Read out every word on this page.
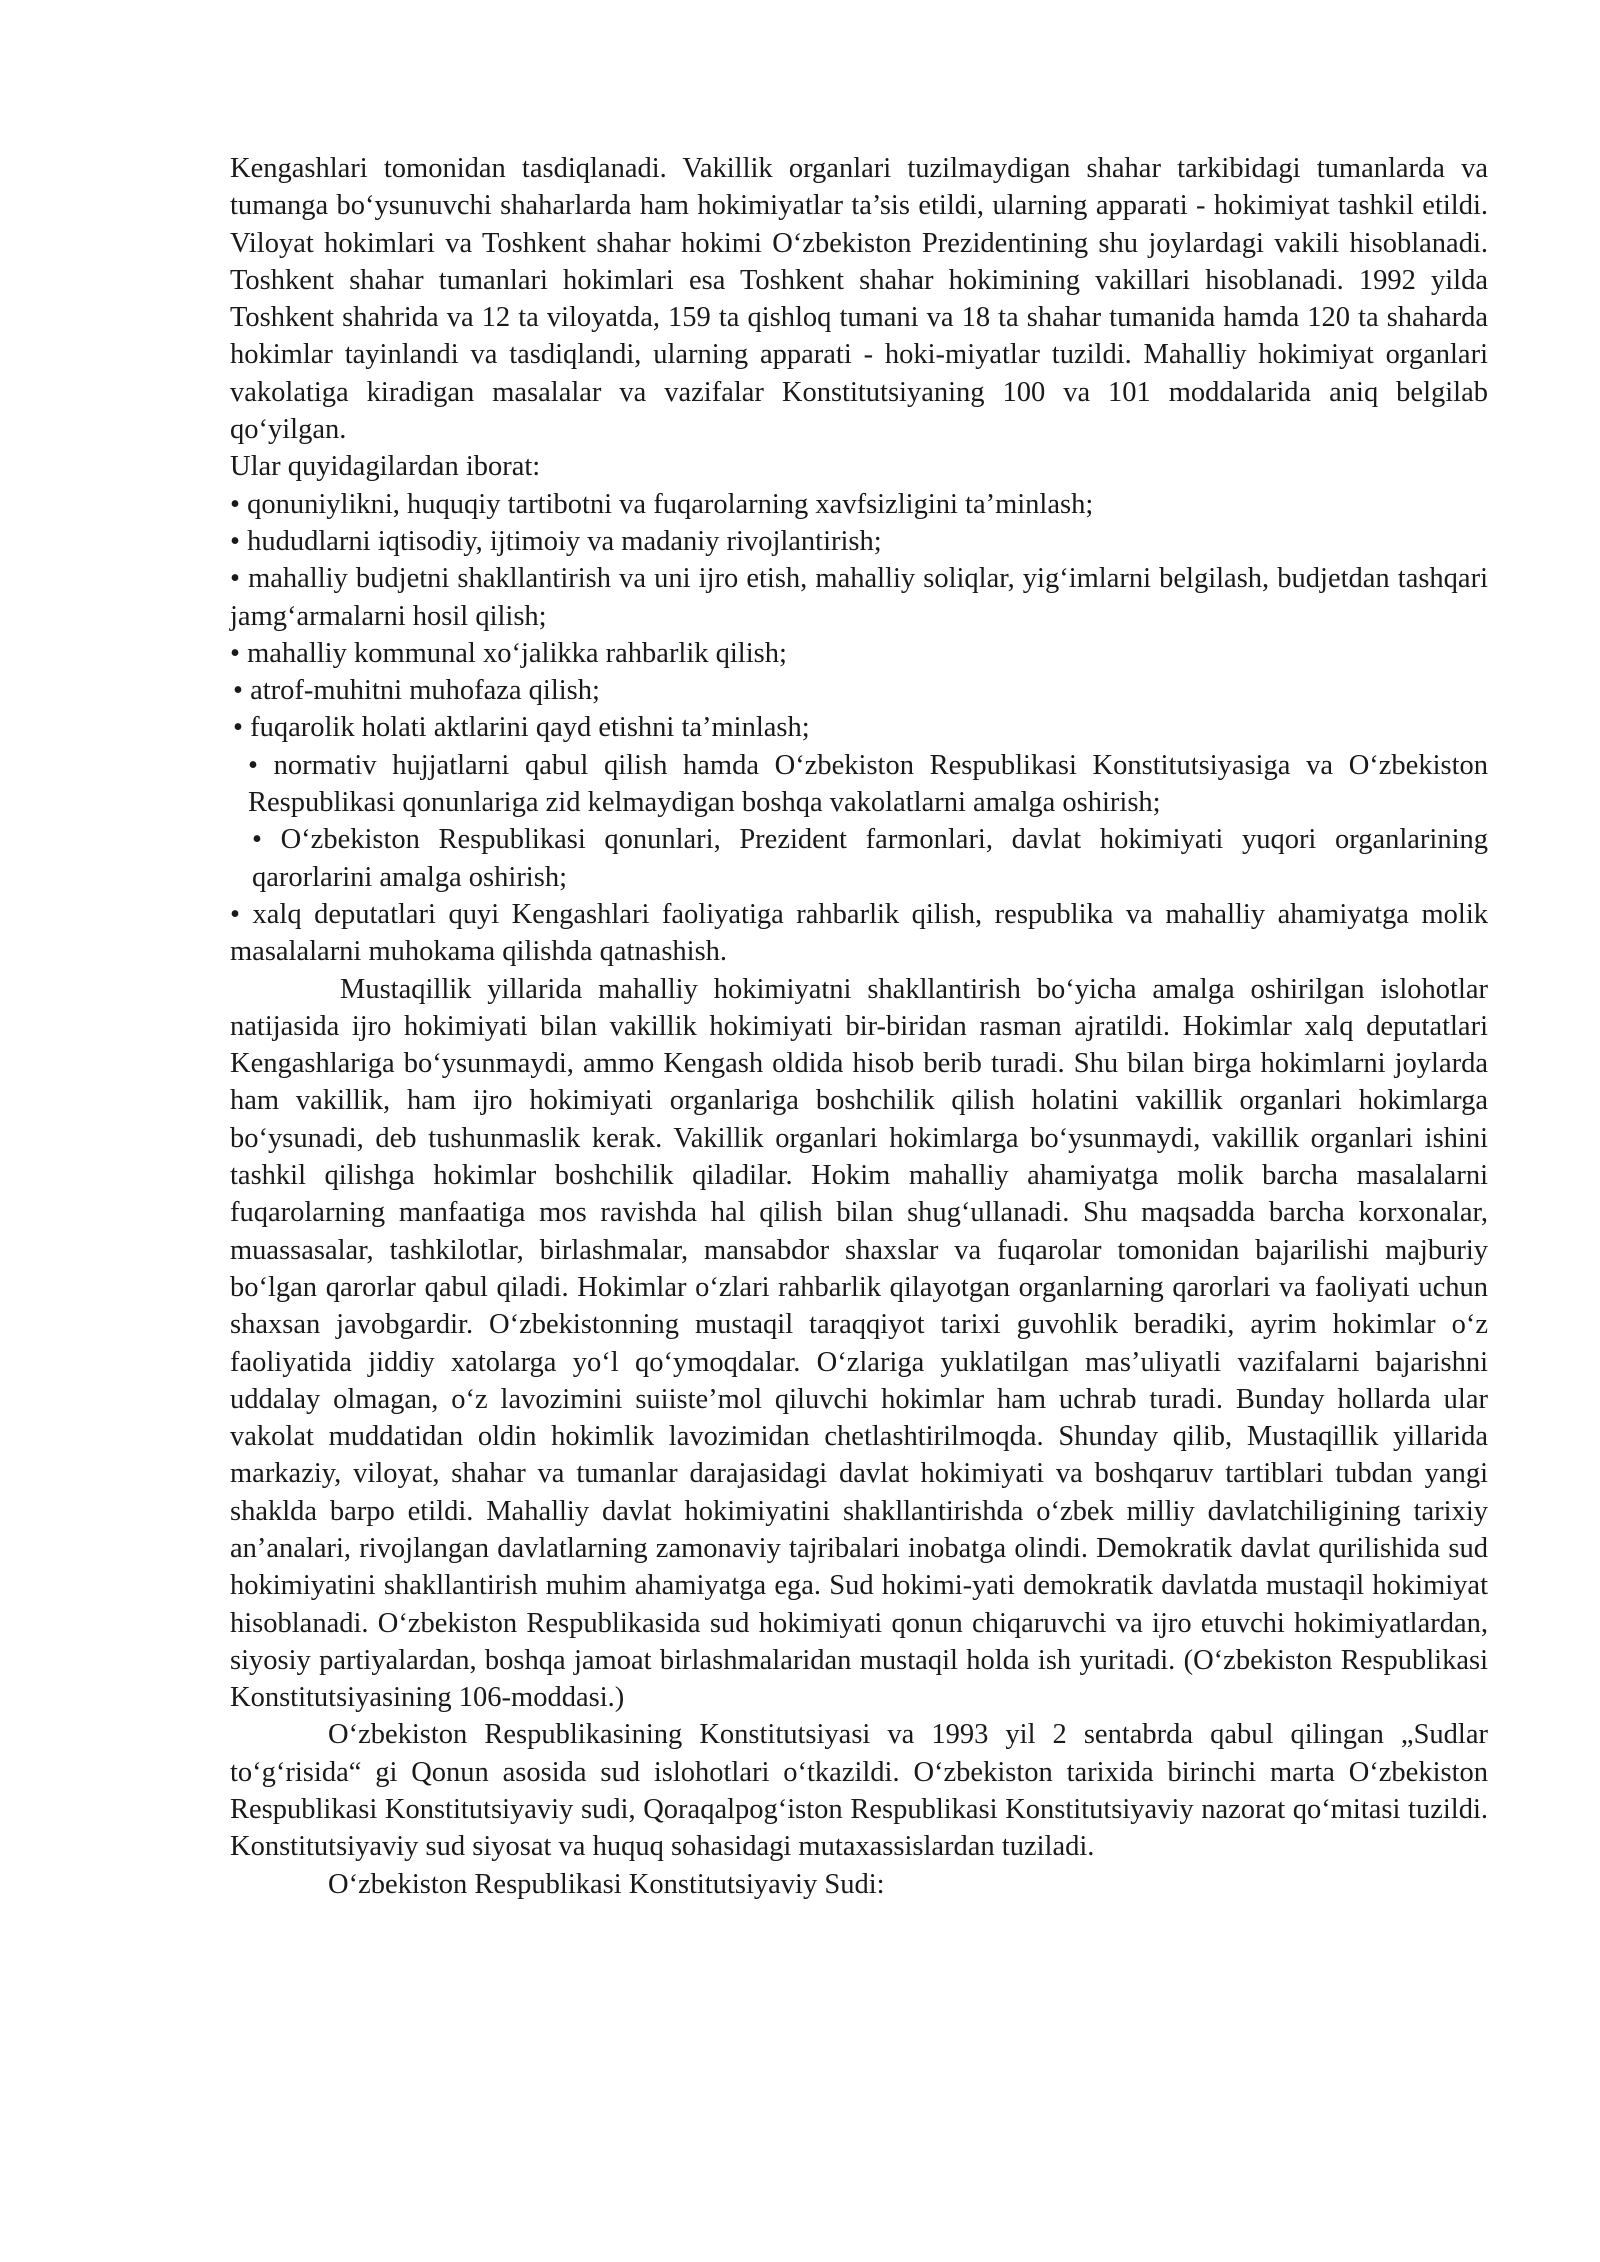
Kengashlari tomonidan tasdiqlanadi. Vakillik organlari tuzilmaydigan shahar tarkibidagi tumanlarda va tumanga bo‘ysunuvchi shaharlarda ham hokimiyatlar ta’sis etildi, ularning apparati - hokimiyat tashkil etildi. Viloyat hokimlari va Toshkent shahar hokimi O‘zbekiston Prezidentining shu joylardagi vakili hisoblanadi. Toshkent shahar tumanlari hokimlari esa Toshkent shahar hokimining vakillari hisoblanadi. 1992 yilda Toshkent shahrida va 12 ta viloyatda, 159 ta qishloq tumani va 18 ta shahar tumanida hamda 120 ta shaharda hokimlar tayinlandi va tasdiqlandi, ularning apparati - hoki-miyatlar tuzildi. Mahalliy hokimiyat organlari vakolatiga kiradigan masalalar va vazifalar Konstitutsiyaning 100 va 101 moddalarida aniq belgilab qo‘yilgan.

Ular quyidagilardan iborat:

• qonuniylikni, huquqiy tartibotni va fuqarolarning xavfsizligini ta’minlash;

• hududlarni iqtisodiy, ijtimoiy va madaniy rivojlantirish;

• mahalliy budjetni shakllantirish va uni ijro etish, mahalliy soliqlar, yig‘imlarni belgilash, budjetdan tashqari jamg‘armalarni hosil qilish;

• mahalliy kommunal xo‘jalikka rahbarlik qilish;

• atrof-muhitni muhofaza qilish;

• fuqarolik holati aktlarini qayd etishni ta’minlash;

• normativ hujjatlarni qabul qilish hamda O‘zbekiston Respublikasi Konstitutsiyasiga va O‘zbekiston Respublikasi qonunlariga zid kelmaydigan boshqa vakolatlarni amalga oshirish;

• O‘zbekiston Respublikasi qonunlari, Prezident farmonlari, davlat hokimiyati yuqori organlarining qarorlarini amalga oshirish;

• xalq deputatlari quyi Kengashlari faoliyatiga rahbarlik qilish, respublika va mahalliy ahamiyatga molik masalalarni muhokama qilishda qatnashish.

Mustaqillik yillarida mahalliy hokimiyatni shakllantirish bo‘yicha amalga oshirilgan islohotlar natijasida ijro hokimiyati bilan vakillik hokimiyati bir-biridan rasman ajratildi. Hokimlar xalq deputatlari Kengashlariga bo‘ysunmaydi, ammo Kengash oldida hisob berib turadi. Shu bilan birga hokimlarni joylarda ham vakillik, ham ijro hokimiyati organlariga boshchilik qilish holatini vakillik organlari hokimlarga bo‘ysunadi, deb tushunmaslik kerak. Vakillik organlari hokimlarga bo‘ysunmaydi, vakillik organlari ishini tashkil qilishga hokimlar boshchilik qiladilar. Hokim mahalliy ahamiyatga molik barcha masalalarni fuqarolarning manfaatiga mos ravishda hal qilish bilan shug‘ullanadi. Shu maqsadda barcha korxonalar, muassasalar, tashkilotlar, birlashmalar, mansabdor shaxslar va fuqarolar tomonidan bajarilishi majburiy bo‘lgan qarorlar qabul qiladi. Hokimlar o‘zlari rahbarlik qilayotgan organlarning qarorlari va faoliyati uchun shaxsan javobgardir. O‘zbekistonning mustaqil taraqqiyot tarixi guvohlik beradiki, ayrim hokimlar o‘z faoliyatida jiddiy xatolarga yo‘l qo‘ymoqdalar. O‘zlariga yuklatilgan mas’uliyatli vazifalarni bajarishni uddalay olmagan, o‘z lavozimini suiiste’mol qiluvchi hokimlar ham uchrab turadi. Bunday hollarda ular vakolat muddatidan oldin hokimlik lavozimidan chetlashtirilmoqda. Shunday qilib, Mustaqillik yillarida markaziy, viloyat, shahar va tumanlar darajasidagi davlat hokimiyati va boshqaruv tartiblari tubdan yangi shaklda barpo etildi. Mahalliy davlat hokimiyatini shakllantirishda o‘zbek milliy davlatchiligining tarixiy an’analari, rivojlangan davlatlarning zamonaviy tajribalari inobatga olindi. Demokratik davlat qurilishida sud hokimiyatini shakllantirish muhim ahamiyatga ega. Sud hokimi-yati demokratik davlatda mustaqil hokimiyat hisoblanadi. O‘zbekiston Respublikasida sud hokimiyati qonun chiqaruvchi va ijro etuvchi hokimiyatlardan, siyosiy partiyalardan, boshqa jamoat birlashmalaridan mustaqil holda ish yuritadi. (O‘zbekiston Respublikasi Konstitutsiyasining 106-moddasi.)

O‘zbekiston Respublikasining Konstitutsiyasi va 1993 yil 2 sentabrda qabul qilingan „Sudlar to‘g‘risida“ gi Qonun asosida sud islohotlari o‘tkazildi. O‘zbekiston tarixida birinchi marta O‘zbekiston Respublikasi Konstitutsiyaviy sudi, Qoraqalpog‘iston Respublikasi Konstitutsiyaviy nazorat qo‘mitasi tuzildi. Konstitutsiyaviy sud siyosat va huquq sohasidagi mutaxassislardan tuziladi.

O‘zbekiston Respublikasi Konstitutsiyaviy Sudi:
